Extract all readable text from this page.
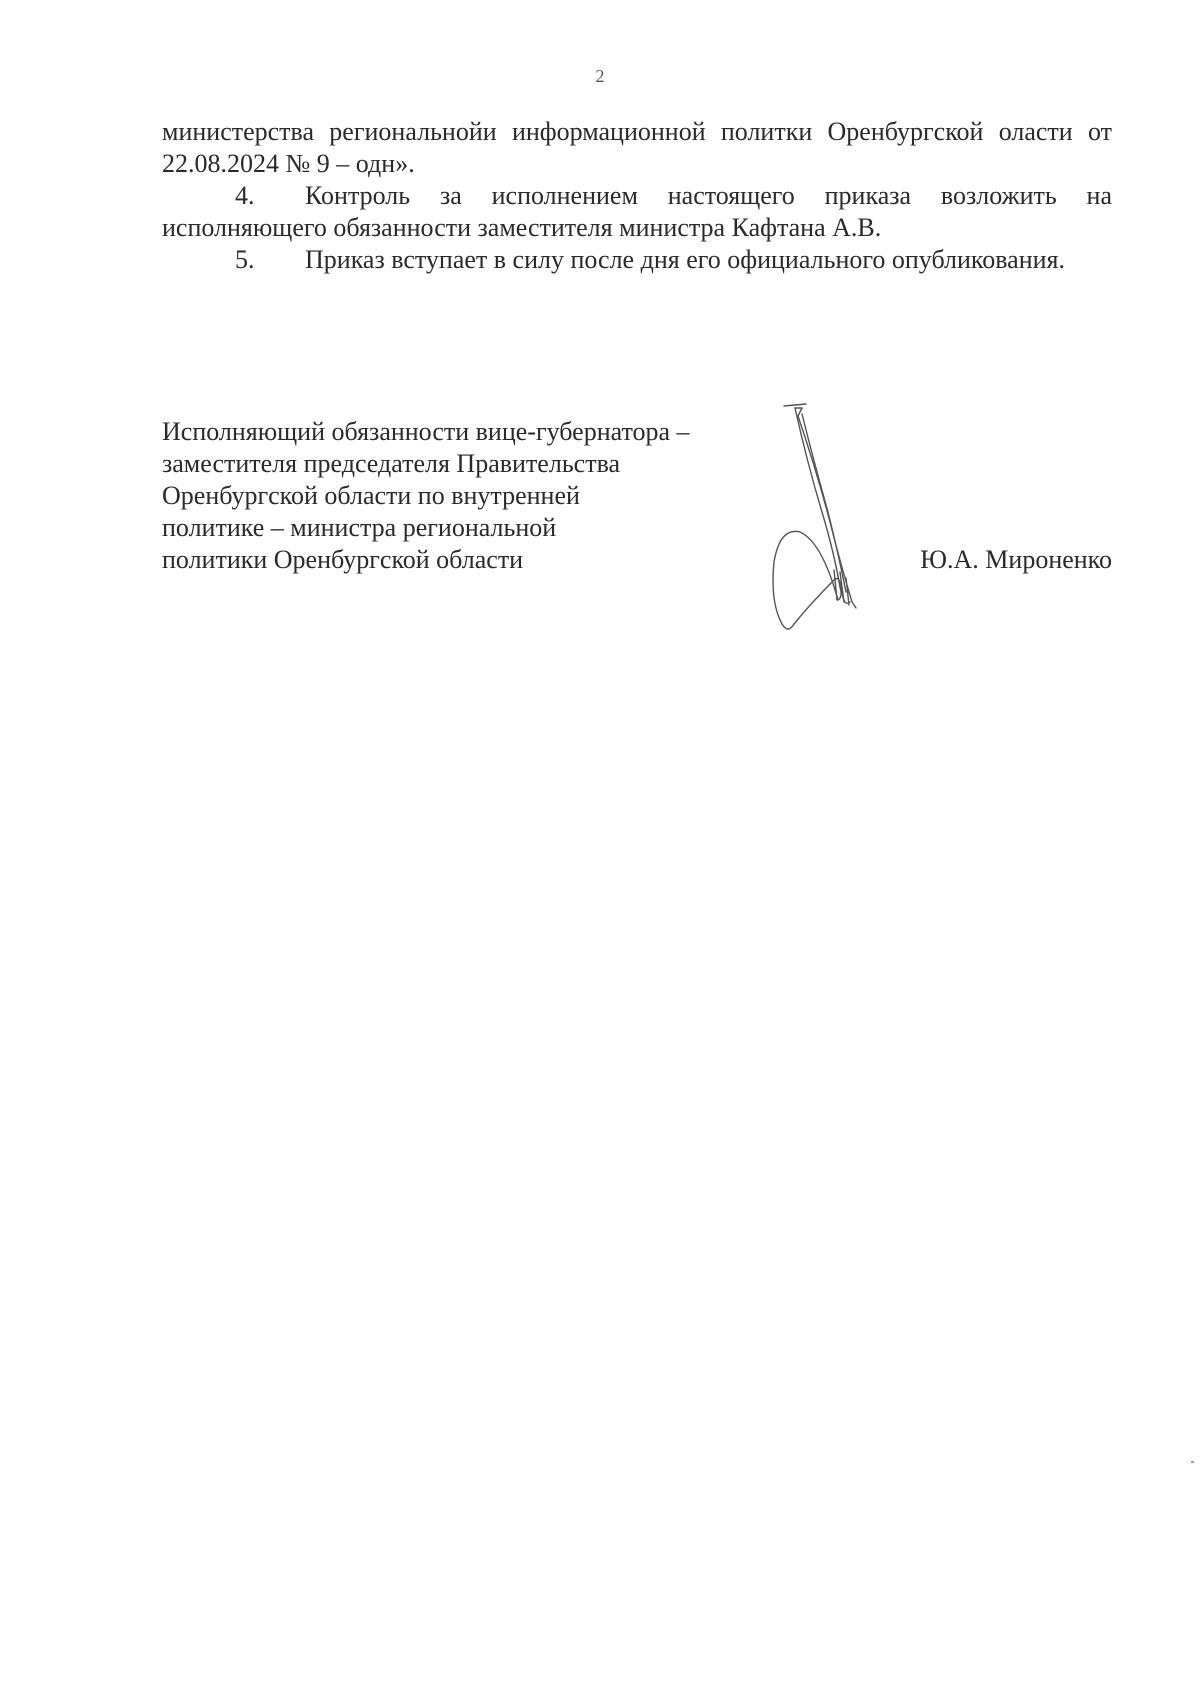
2

министерства региональнойи информационной политки Оренбургской оласти от 22.08.2024 № 9 – одн».

4. Контроль за исполнением настоящего приказа возложить на исполняющего обязанности заместителя министра Кафтана А.В.

5. Приказ вступает в силу после дня его официального опубликования.

Исполняющий обязанности вице-губернатора –
заместителя председателя Правительства
Оренбургской области по внутренней
политике – министра региональной
политики Оренбургской области	Ю.А. Мироненко
